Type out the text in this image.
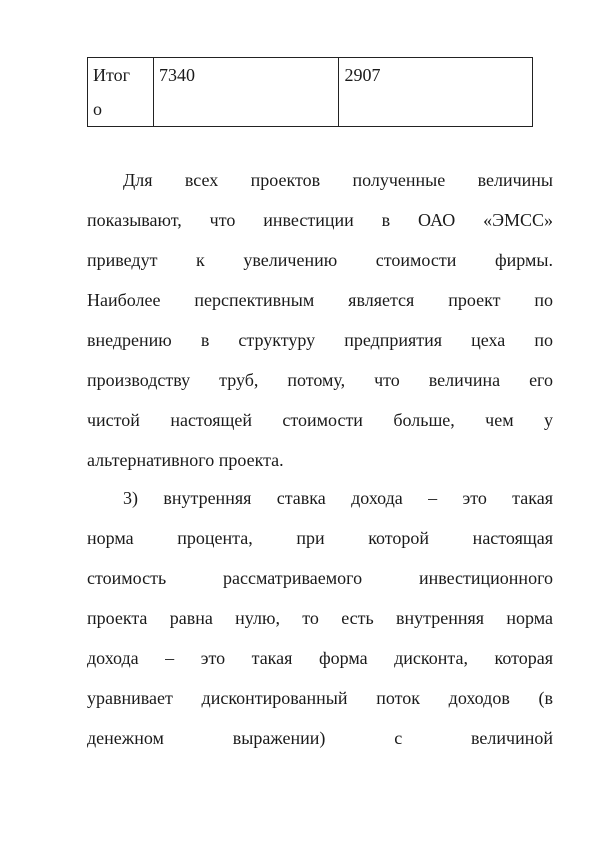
Итог
о
	7340	2907
Для всех проектов полученные величины
показывают, что инвестиции в ОАО «ЭМСС»
приведут к увеличению стоимости фирмы.
Наиболее перспективным является проект по
внедрению в структуру предприятия цеха по
производству труб, потому, что величина его
чистой настоящей стоимости больше, чем у
альтернативного проекта.
3) внутренняя ставка дохода – это такая
норма процента, при которой настоящая
стоимость рассматриваемого инвестиционного
проекта равна нулю, то есть внутренняя норма
дохода – это такая форма дисконта, которая
уравнивает дисконтированный поток доходов (в
денежном выражении) с величиной
